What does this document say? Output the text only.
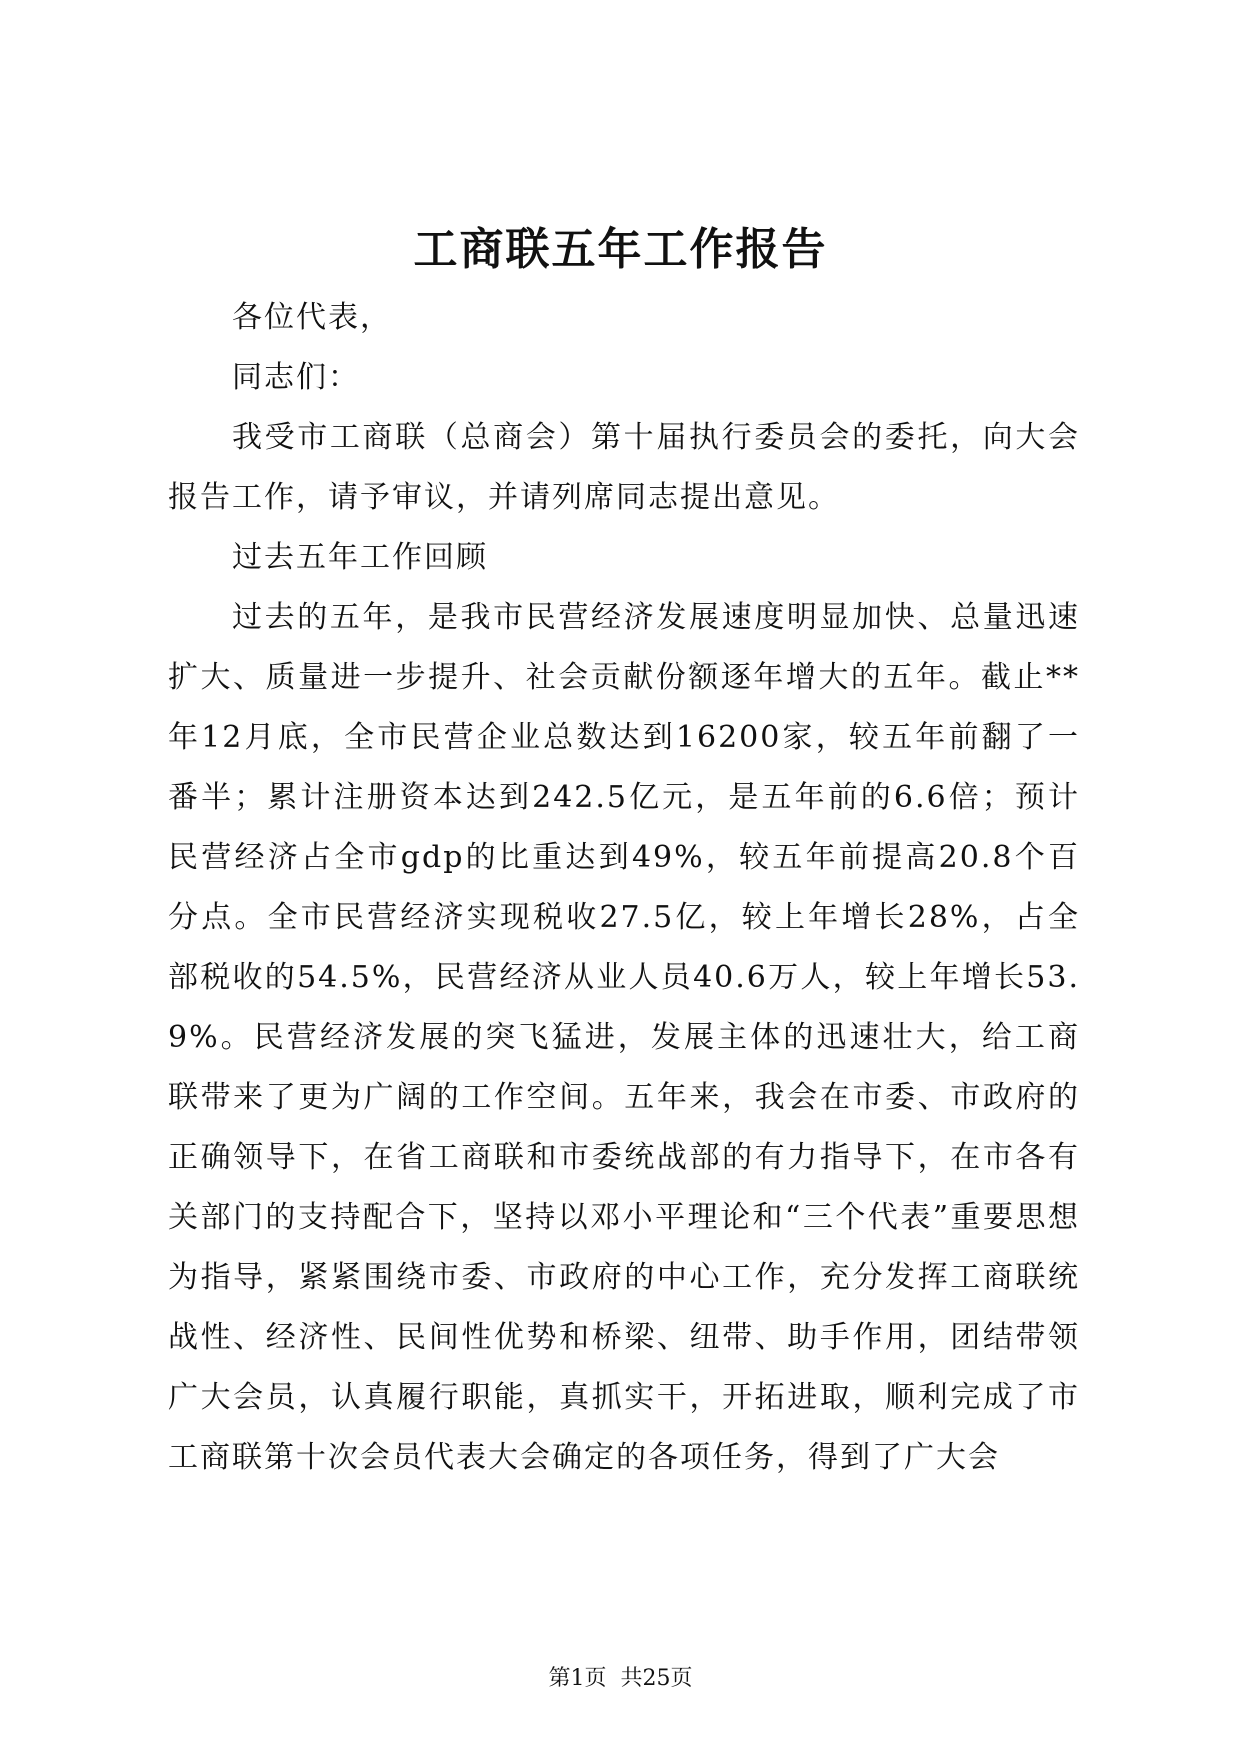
工商联五年工作报告

各位代表，

同志们：

我受市工商联（总商会）第十届执行委员会的委托，向大会报告工作，请予审议，并请列席同志提出意见。

过去五年工作回顾

过去的五年，是我市民营经济发展速度明显加快、总量迅速扩大、质量进一步提升、社会贡献份额逐年增大的五年。截止**年12月底，全市民营企业总数达到16200家，较五年前翻了一番半；累计注册资本达到242.5亿元，是五年前的6.6倍；预计民营经济占全市gdp的比重达到49%，较五年前提高20.8个百分点。全市民营经济实现税收27.5亿，较上年增长28%，占全部税收的54.5%，民营经济从业人员40.6万人，较上年增长53.9%。民营经济发展的突飞猛进，发展主体的迅速壮大，给工商联带来了更为广阔的工作空间。五年来，我会在市委、市政府的正确领导下，在省工商联和市委统战部的有力指导下，在市各有关部门的支持配合下，坚持以邓小平理论和“三个代表”重要思想为指导，紧紧围绕市委、市政府的中心工作，充分发挥工商联统战性、经济性、民间性优势和桥梁、纽带、助手作用，团结带领广大会员，认真履行职能，真抓实干，开拓进取，顺利完成了市工商联第十次会员代表大会确定的各项任务，得到了广大会

第1页  共25页
